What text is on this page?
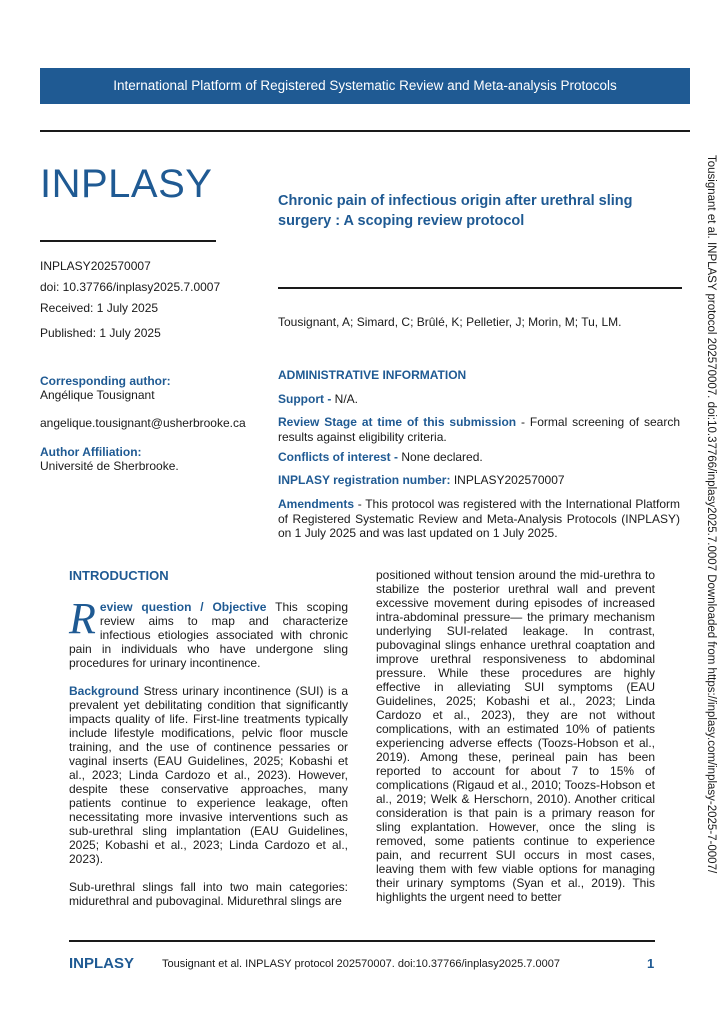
International Platform of Registered Systematic Review and Meta-analysis Protocols
INPLASY	Chronic pain of infectious origin after urethral sling surgery : A scoping review protocol
INPLASY202570007
doi: 10.37766/inplasy2025.7.0007
Received: 1 July 2025
Published: 1 July 2025
Tousignant, A; Simard, C; Brûlé, K; Pelletier, J; Morin, M; Tu, LM.
Corresponding author:
Angélique Tousignant
angelique.tousignant@usherbrooke.ca
Author Affiliation:
Université de Sherbrooke.
ADMINISTRATIVE INFORMATION
Support - N/A.
Review Stage at time of this submission - Formal screening of search results against eligibility criteria.
Conflicts of interest - None declared.
INPLASY registration number: INPLASY202570007
Amendments - This protocol was registered with the International Platform of Registered Systematic Review and Meta-Analysis Protocols (INPLASY) on 1 July 2025 and was last updated on 1 July 2025.
INTRODUCTION

Review question / Objective This scoping review aims to map and characterize infectious etiologies associated with chronic pain in individuals who have undergone sling procedures for urinary incontinence.

Background Stress urinary incontinence (SUI) is a prevalent yet debilitating condition that significantly impacts quality of life. First-line treatments typically include lifestyle modifications, pelvic floor muscle training, and the use of continence pessaries or vaginal inserts (EAU Guidelines, 2025; Kobashi et al., 2023; Linda Cardozo et al., 2023). However, despite these conservative approaches, many patients continue to experience leakage, often necessitating more invasive interventions such as sub-urethral sling implantation (EAU Guidelines, 2025; Kobashi et al., 2023; Linda Cardozo et al., 2023).

Sub-urethral slings fall into two main categories: midurethral and pubovaginal. Midurethral slings are

positioned without tension around the mid-urethra to stabilize the posterior urethral wall and prevent excessive movement during episodes of increased intra-abdominal pressure— the primary mechanism underlying SUI-related leakage. In contrast, pubovaginal slings enhance urethral coaptation and improve urethral responsiveness to abdominal pressure. While these procedures are highly effective in alleviating SUI symptoms (EAU Guidelines, 2025; Kobashi et al., 2023; Linda Cardozo et al., 2023), they are not without complications, with an estimated 10% of patients experiencing adverse effects (Toozs-Hobson et al., 2019). Among these, perineal pain has been reported to account for about 7 to 15% of complications (Rigaud et al., 2010; Toozs-Hobson et al., 2019; Welk & Herschorn, 2010). Another critical consideration is that pain is a primary reason for sling explantation. However, once the sling is removed, some patients continue to experience pain, and recurrent SUI occurs in most cases, leaving them with few viable options for managing their urinary symptoms (Syan et al., 2019). This highlights the urgent need to better

Tousignant et al. INPLASY protocol 202570007. doi:10.37766/inplasy2025.7.0007 Downloaded from https://inplasy.com/inplasy-2025-7-0007/
INPLASY	Tousignant et al. INPLASY protocol 202570007. doi:10.37766/inplasy2025.7.0007	1
